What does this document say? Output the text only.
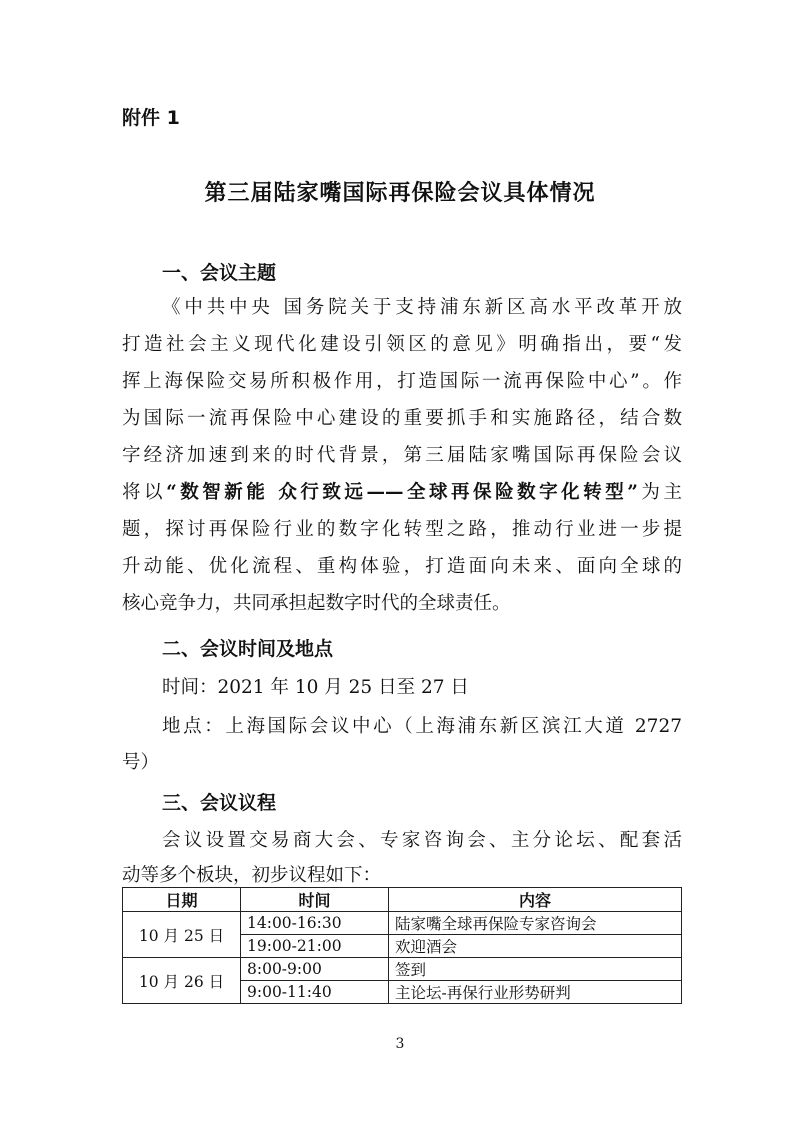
附件 1
第三届陆家嘴国际再保险会议具体情况
一、会议主题
《中共中央 国务院关于支持浦东新区高水平改革开放
打造社会主义现代化建设引领区的意见》明确指出，要“发
挥上海保险交易所积极作用，打造国际一流再保险中心”。作
为国际一流再保险中心建设的重要抓手和实施路径，结合数
字经济加速到来的时代背景，第三届陆家嘴国际再保险会议
将以“数智新能 众行致远——全球再保险数字化转型”为主
题，探讨再保险行业的数字化转型之路，推动行业进一步提
升动能、优化流程、重构体验，打造面向未来、面向全球的
核心竞争力，共同承担起数字时代的全球责任。
二、会议时间及地点
时间：2021 年 10 月 25 日至 27 日
地点：上海国际会议中心（上海浦东新区滨江大道 2727
号）
三、会议议程
会议设置交易商大会、专家咨询会、主分论坛、配套活
动等多个板块，初步议程如下：
日期	时间	内容
10 月 25 日	14:00-16:30	陆家嘴全球再保险专家咨询会
	19:00-21:00	欢迎酒会
10 月 26 日	8:00-9:00	签到
	9:00-11:40	主论坛-再保行业形势研判
3
